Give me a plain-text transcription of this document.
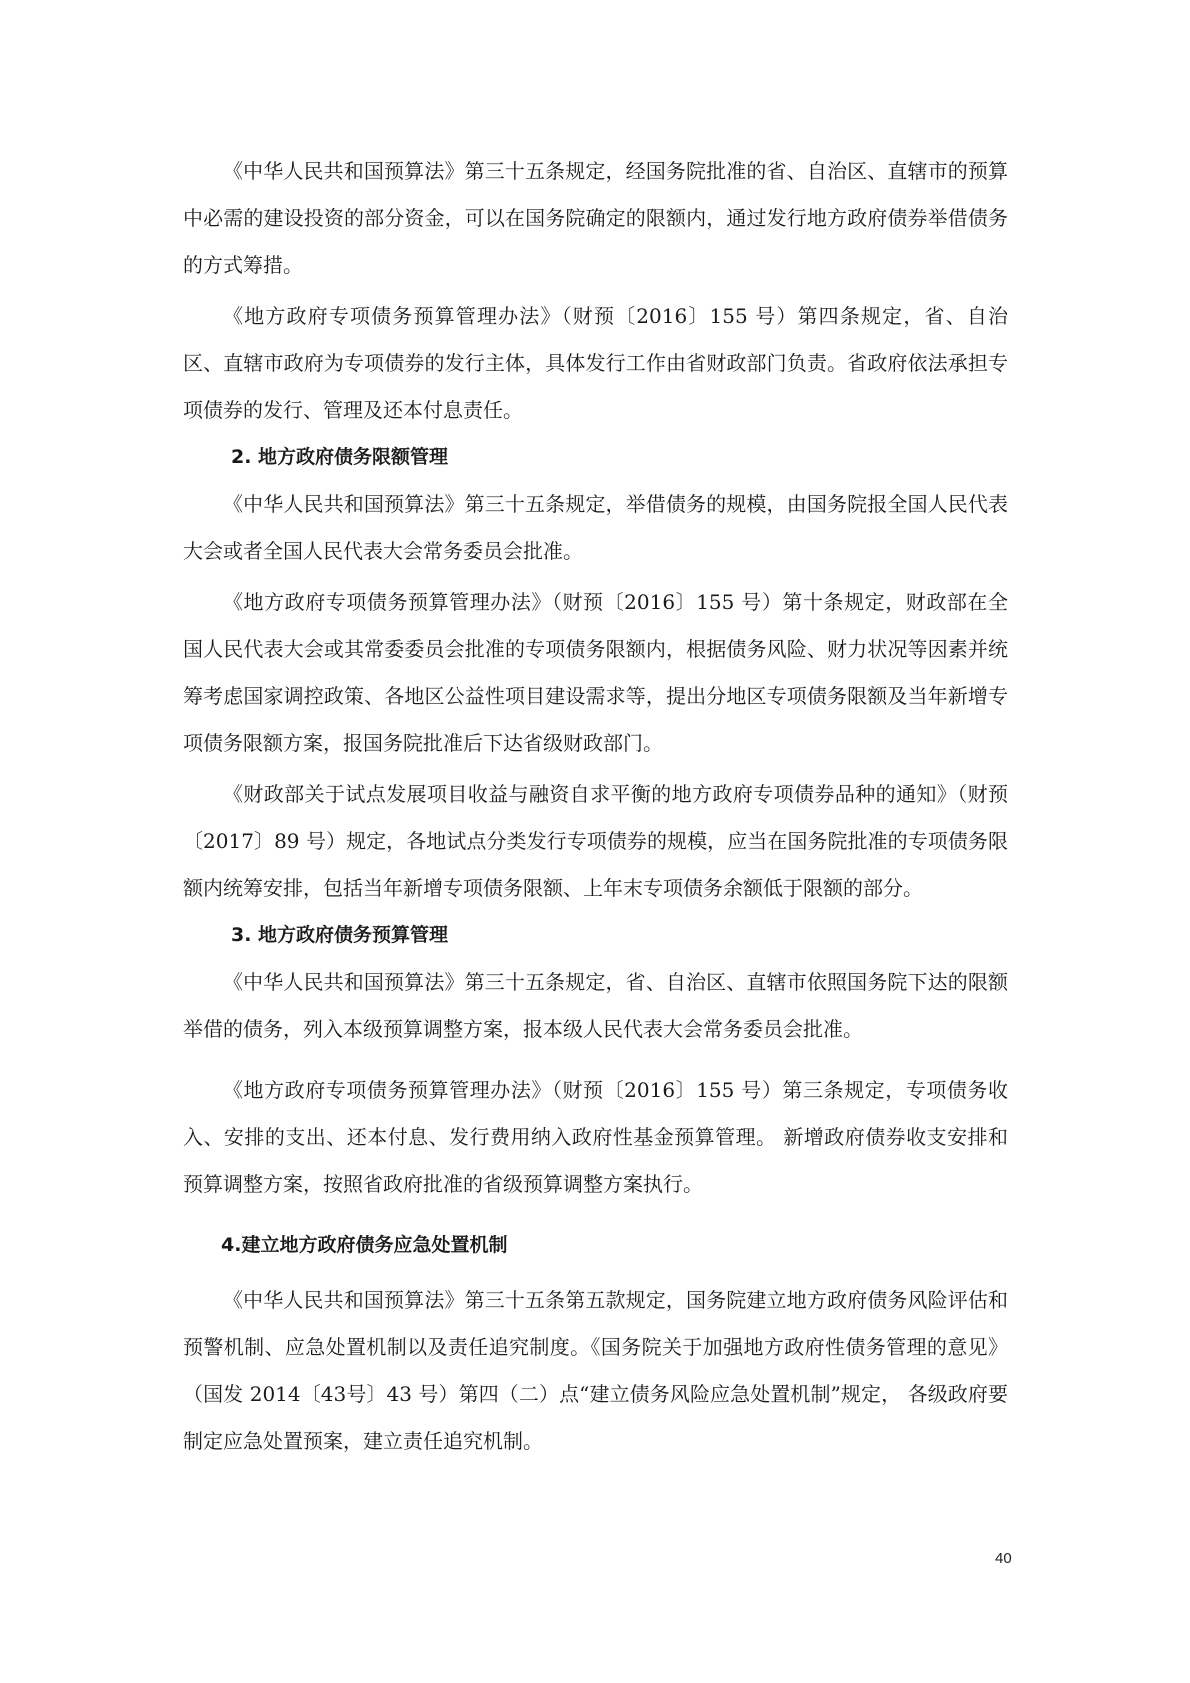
《中华人民共和国预算法》第三十五条规定，经国务院批准的省、自治区、直辖市的预算中必需的建设投资的部分资金，可以在国务院确定的限额内，通过发行地方政府债券举借债务的方式筹措。

《地方政府专项债务预算管理办法》（财预〔2016〕155 号）第四条规定，省、自治区、直辖市政府为专项债券的发行主体，具体发行工作由省财政部门负责。省政府依法承担专项债券的发行、管理及还本付息责任。

2. 地方政府债务限额管理

《中华人民共和国预算法》第三十五条规定，举借债务的规模，由国务院报全国人民代表大会或者全国人民代表大会常务委员会批准。

《地方政府专项债务预算管理办法》（财预〔2016〕155 号）第十条规定，财政部在全国人民代表大会或其常委委员会批准的专项债务限额内，根据债务风险、财力状况等因素并统筹考虑国家调控政策、各地区公益性项目建设需求等，提出分地区专项债务限额及当年新增专项债务限额方案，报国务院批准后下达省级财政部门。

《财政部关于试点发展项目收益与融资自求平衡的地方政府专项债券品种的通知》（财预〔2017〕89 号）规定，各地试点分类发行专项债券的规模，应当在国务院批准的专项债务限额内统筹安排，包括当年新增专项债务限额、上年末专项债务余额低于限额的部分。

3. 地方政府债务预算管理

《中华人民共和国预算法》第三十五条规定，省、自治区、直辖市依照国务院下达的限额举借的债务，列入本级预算调整方案，报本级人民代表大会常务委员会批准。

《地方政府专项债务预算管理办法》（财预〔2016〕155 号）第三条规定，专项债务收入、安排的支出、还本付息、发行费用纳入政府性基金预算管理。 新增政府债券收支安排和预算调整方案，按照省政府批准的省级预算调整方案执行。

4.建立地方政府债务应急处置机制

《中华人民共和国预算法》第三十五条第五款规定，国务院建立地方政府债务风险评估和预警机制、应急处置机制以及责任追究制度。《国务院关于加强地方政府性债务管理的意见》（国发 2014〔43号〕43 号）第四（二）点“建立债务风险应急处置机制”规定， 各级政府要制定应急处置预案，建立责任追究机制。

40
